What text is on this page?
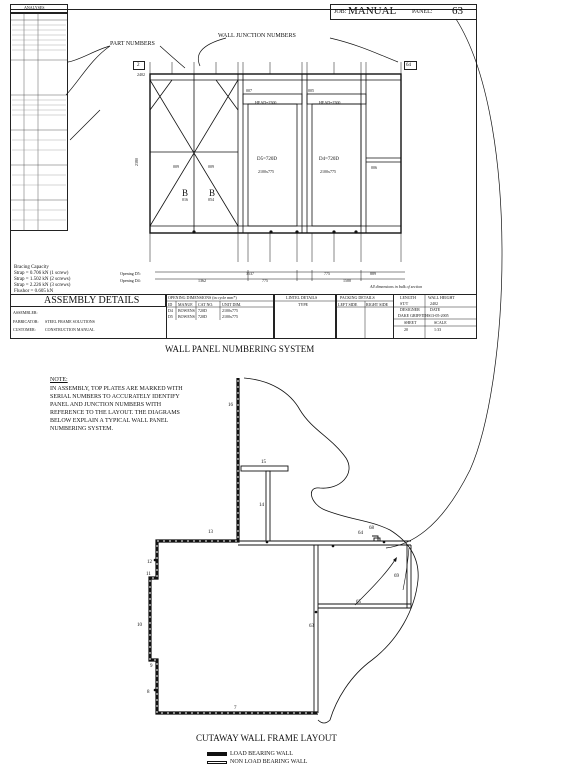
JOB: MANUAL	PANEL: 63
ANALYSES
PART NUMBERS
WALL JUNCTION NUMBERS
2	64
2402
2380
HEAD=2500	HEAD=2500
D5=720D
2100x775
D4=720D
2100x775
B B
009	009
016	054
007	005
006
3537	775	889
1362	775	1500
Opening D5:
Opening D4:
All dimensions in bulk of section
Bracing Capacity
Strap = 0.706 kN (1 screw)
Strap = 1.502 kN (2 screws)
Strap = 2.226 kN (3 screws)
Flushor = 0.605 kN
ASSEMBLY DETAILS
ASSEMBLER:
FABRICATOR: STEEL FRAME SOLUTIONS
CUSTOMER: CONSTRUCTION MANUAL
OPENING DIMENSIONS (in cycle mm*)
ID MANUF. CAT NO. UNIT DIM.
D4 BOWENS 720D	2100x775
D5 BOWENS 720D	2100x775
LINTEL DETAILS
TYPE
PACKING DETAILS
LEFT SIDE RIGHT SIDE
LENGTH	WALL HEIGHT
ST/T	2402
DESIGNER
DAKE GRIFFITHS
DATE
13-05-2005
SHEET	SCALE
20	1:33
WALL PANEL NUMBERING SYSTEM
NOTE:
IN ASSEMBLY, TOP PLATES ARE MARKED WITH
SERIAL NUMBERS TO ACCURATELY IDENTIFY
PANEL AND JUNCTION NUMBERS WITH
REFERENCE TO THE LAYOUT. THE DIAGRAMS
BELOW EXPLAIN A TYPICAL WALL PANEL
NUMBERING SYSTEM.
16
15
14
13
12
11
10
9
8
7
63
64
65
68
69
CUTAWAY WALL FRAME LAYOUT
LOAD BEARING WALL
NON LOAD BEARING WALL
